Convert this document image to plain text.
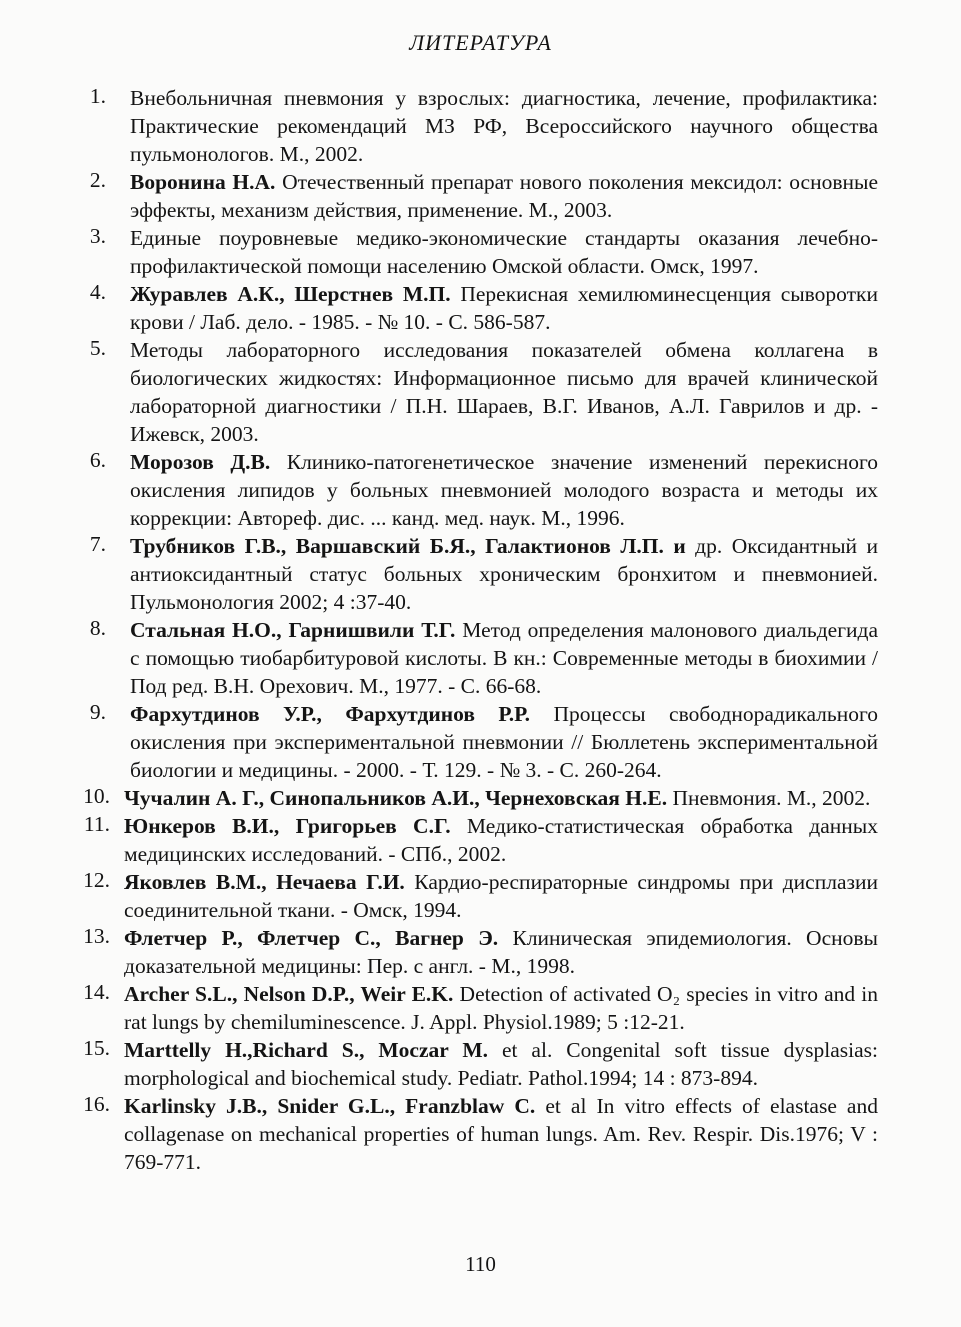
ЛИТЕРАТУРА
1. Внебольничная пневмония у взрослых: диагностика, лечение, профилактика: Практические рекомендаций МЗ РФ, Всероссийского научного общества пульмонологов. М., 2002.
2. Воронина Н.А. Отечественный препарат нового поколения мексидол: основные эффекты, механизм действия, применение. М., 2003.
3. Единые поуровневые медико-экономические стандарты оказания лечебно-профилактической помощи населению Омской области. Омск, 1997.
4. Журавлев А.К., Шерстнев М.П. Перекисная хемилюминесценция сыворотки крови / Лаб. дело. - 1985. - № 10. - С. 586-587.
5. Методы лабораторного исследования показателей обмена коллагена в биологических жидкостях: Информационное письмо для врачей клинической лабораторной диагностики / П.Н. Шараев, В.Г. Иванов, А.Л. Гаврилов и др. - Ижевск, 2003.
6. Морозов Д.В. Клинико-патогенетическое значение изменений перекисного окисления липидов у больных пневмонией молодого возраста и методы их коррекции: Автореф. дис. ... канд. мед. наук. М., 1996.
7. Трубников Г.В., Варшавский Б.Я., Галактионов Л.П. и др. Оксидантный и антиоксидантный статус больных хроническим бронхитом и пневмонией. Пульмонология 2002; 4 :37-40.
8. Стальная Н.О., Гарнишвили Т.Г. Метод определения малонового диальдегида с помощью тиобарбитуровой кислоты. В кн.: Современные методы в биохимии / Под ред. В.Н. Орехович. М., 1977. - С. 66-68.
9. Фархутдинов У.Р., Фархутдинов Р.Р. Процессы свободнорадикального окисления при экспериментальной пневмонии // Бюллетень экспериментальной биологии и медицины. - 2000. - Т. 129. - № 3. - С. 260-264.
10. Чучалин А. Г., Синопальников А.И., Чернеховская Н.Е. Пневмония. М., 2002.
11. Юнкеров В.И., Григорьев С.Г. Медико-статистическая обработка данных медицинских исследований. - СПб., 2002.
12. Яковлев В.М., Нечаева Г.И. Кардио-респираторные синдромы при дисплазии соединительной ткани. - Омск, 1994.
13. Флетчер Р., Флетчер С., Вагнер Э. Клиническая эпидемиология. Основы доказательной медицины: Пер. с англ. - М., 1998.
14. Archer S.L., Nelson D.P., Weir E.K. Detection of activated O₂ species in vitro and in rat lungs by chemiluminescence. J. Appl. Physiol.1989; 5 :12-21.
15. Marttelly H.,Richard S., Moczar M. et al. Congenital soft tissue dysplasias: morphological and biochemical study. Pediatr. Pathol.1994; 14 : 873-894.
16. Karlinsky J.B., Snider G.L., Franzblaw C. et al In vitro effects of elastase and collagenase on mechanical properties of human lungs. Am. Rev. Respir. Dis.1976; V : 769-771.
110
